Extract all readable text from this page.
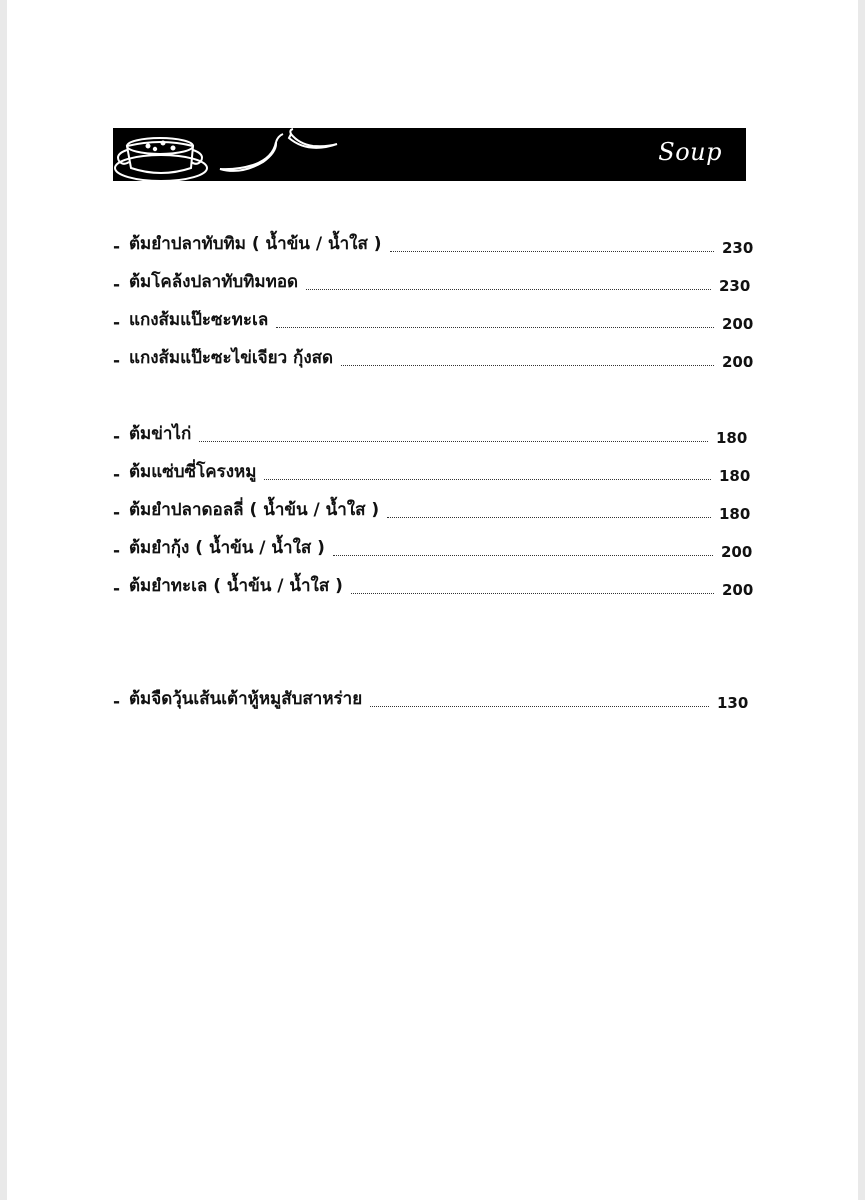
Soup
- ต้มยำปลาทับทิม ( น้ำข้น / น้ำใส )	230
- ต้มโคล้งปลาทับทิมทอด	230
- แกงส้มแป๊ะซะทะเล	200
- แกงส้มแป๊ะซะไข่เจียว กุ้งสด	200
- ต้มข่าไก่	180
- ต้มแซ่บซี่โครงหมู	180
- ต้มยำปลาดอลลี่ ( น้ำข้น / น้ำใส )	180
- ต้มยำกุ้ง ( น้ำข้น / น้ำใส )	200
- ต้มยำทะเล ( น้ำข้น / น้ำใส )	200
- ต้มจืดวุ้นเส้นเต้าหู้หมูสับสาหร่าย	130
